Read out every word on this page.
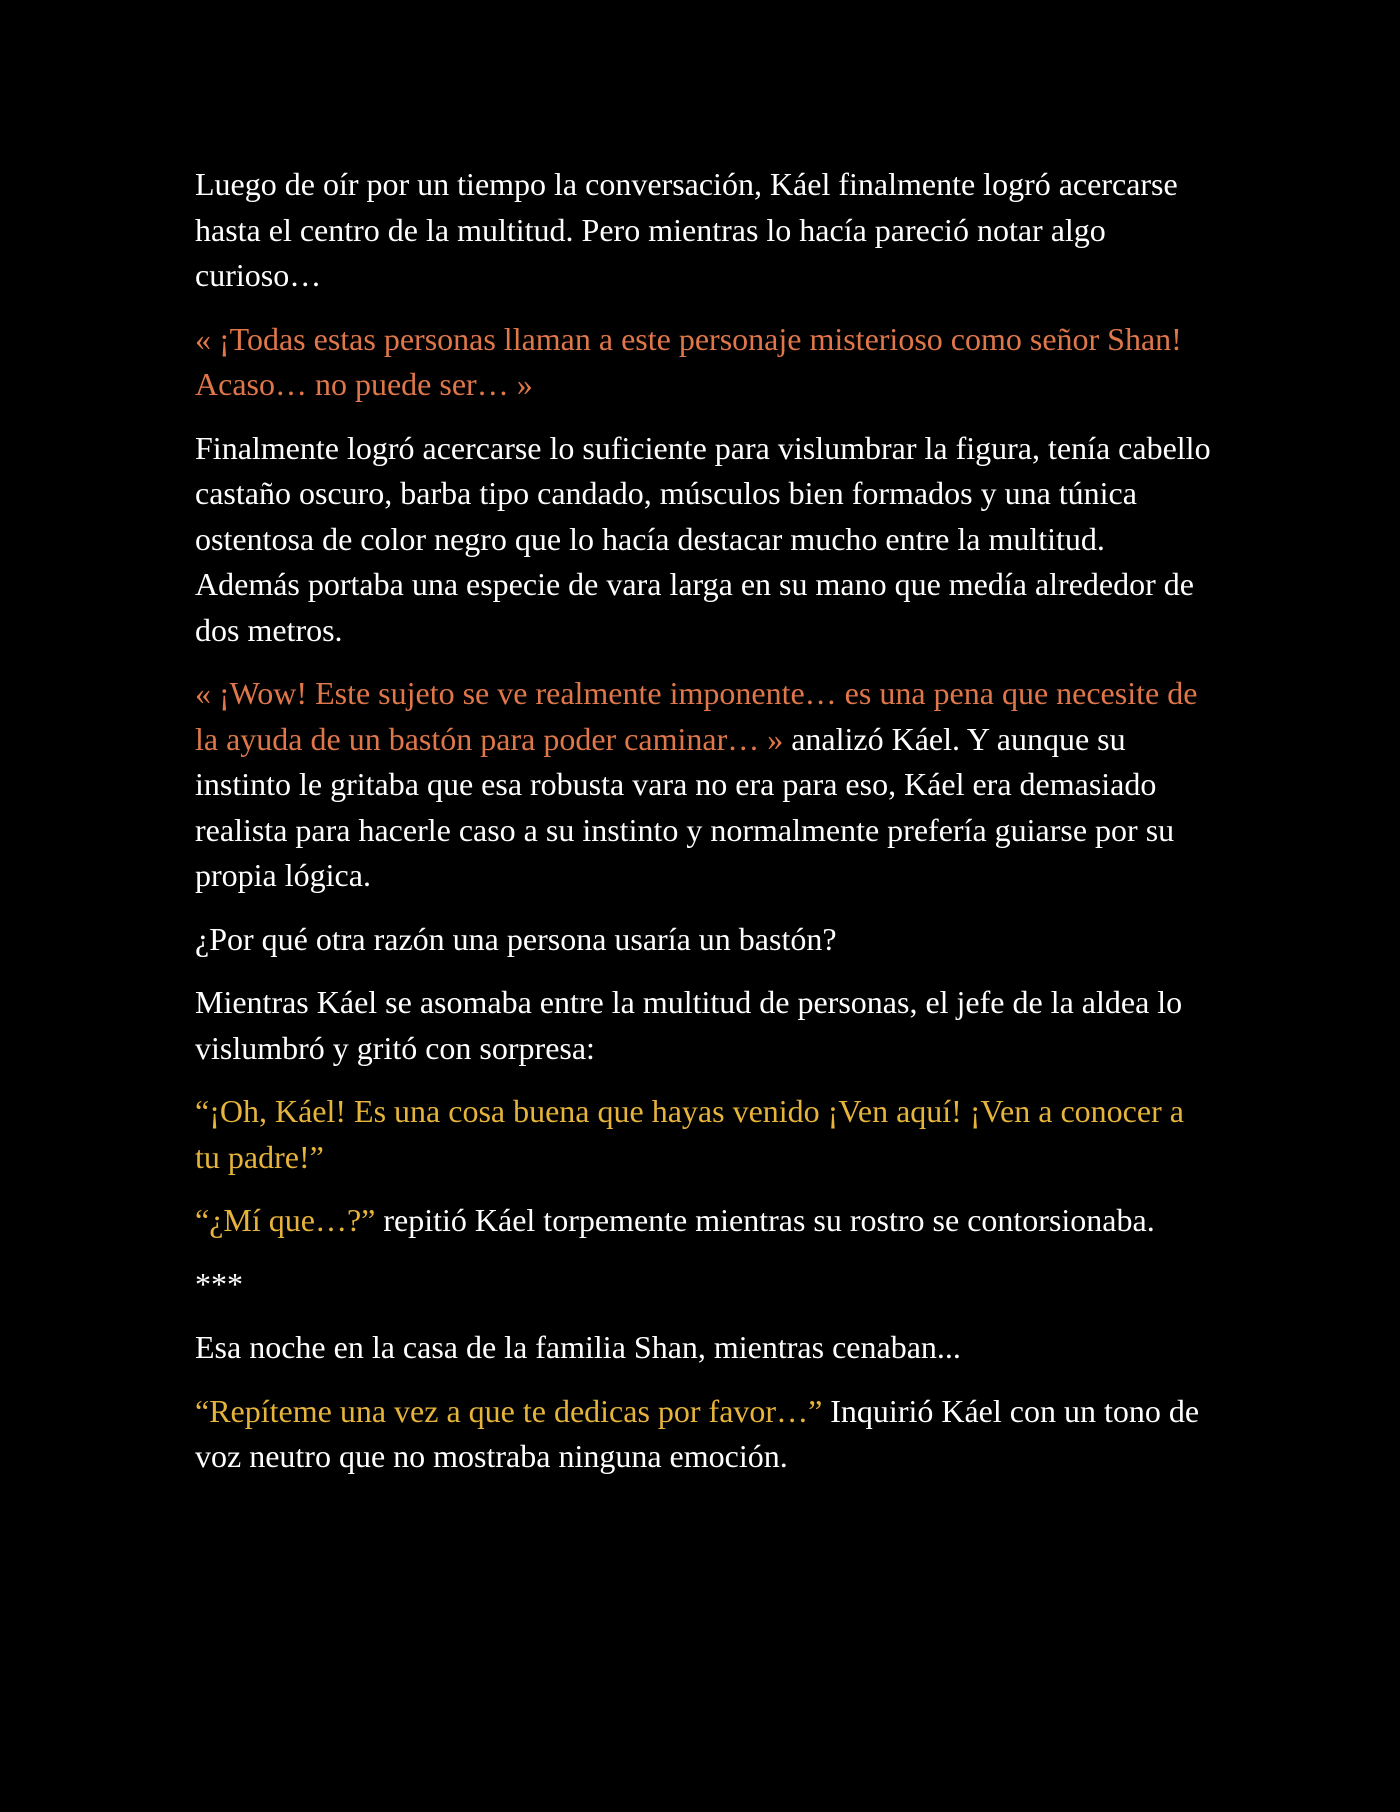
Luego de oír por un tiempo la conversación, Káel finalmente logró acercarse hasta el centro de la multitud. Pero mientras lo hacía pareció notar algo curioso…

« ¡Todas estas personas llaman a este personaje misterioso como señor Shan! Acaso… no puede ser… »

Finalmente logró acercarse lo suficiente para vislumbrar la figura, tenía cabello castaño oscuro, barba tipo candado, músculos bien formados y una túnica ostentosa de color negro que lo hacía destacar mucho entre la multitud. Además portaba una especie de vara larga en su mano que medía alrededor de dos metros.

« ¡Wow! Este sujeto se ve realmente imponente… es una pena que necesite de la ayuda de un bastón para poder caminar… » analizó Káel. Y aunque su instinto le gritaba que esa robusta vara no era para eso, Káel era demasiado realista para hacerle caso a su instinto y normalmente prefería guiarse por su propia lógica.

¿Por qué otra razón una persona usaría un bastón?

Mientras Káel se asomaba entre la multitud de personas, el jefe de la aldea lo vislumbró y gritó con sorpresa:

“¡Oh, Káel! Es una cosa buena que hayas venido ¡Ven aquí! ¡Ven a conocer a tu padre!”

“¿Mí que…?” repitió Káel torpemente mientras su rostro se contorsionaba.

***

Esa noche en la casa de la familia Shan, mientras cenaban...

“Repíteme una vez a que te dedicas por favor…” Inquirió Káel con un tono de voz neutro que no mostraba ninguna emoción.
